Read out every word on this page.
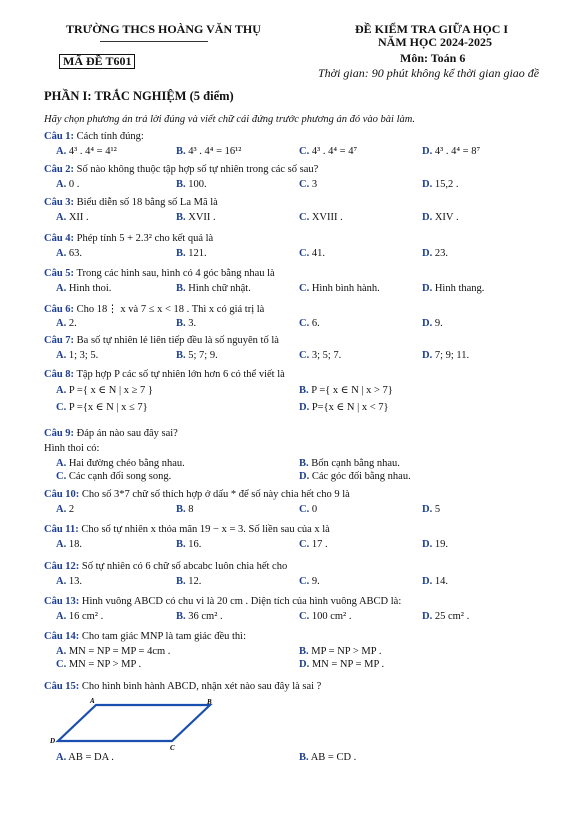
TRƯỜNG THCS HOÀNG VĂN THỤ	ĐỀ KIỂM TRA GIỮA HỌC I
NĂM HỌC 2024-2025
MÃ ĐỀ T601	Môn: Toán 6
Thời gian: 90 phút không kể thời gian giao đề
PHẦN I: TRẮC NGHIỆM (5 điểm)
Hãy chọn phương án trả lời đúng và viết chữ cái đứng trước phương án đó vào bài làm.
Câu 1: Cách tính đúng:
A. 4³ . 4⁴ = 4¹²	B. 4³ . 4⁴ = 16¹²	C. 4³ . 4⁴ = 4⁷	D. 4³ . 4⁴ = 8⁷
Câu 2: Số nào không thuộc tập hợp số tự nhiên trong các số sau?
A. 0 .	B. 100.	C. 3	D. 15,2 .
Câu 3: Biểu diễn số 18 bằng số La Mã là
A. XII .	B. XVII .	C. XVIII .	D. XIV .
Câu 4: Phép tính 5 + 2.3² cho kết quả là
A. 63.	B. 121.	C. 41.	D. 23.
Câu 5: Trong các hình sau, hình có 4 góc bằng nhau là
A. Hình thoi.	B. Hình chữ nhật.	C. Hình bình hành.	D. Hình thang.
Câu 6: Cho 18⋮ x và 7 ≤ x < 18 . Thì x có giá trị là
A. 2.	B. 3.	C. 6.	D. 9.
Câu 7: Ba số tự nhiên lẻ liên tiếp đều là số nguyên tố là
A. 1; 3; 5.	B. 5; 7; 9.	C. 3; 5; 7.	D. 7; 9; 11.
Câu 8: Tập hợp P các số tự nhiên lớn hơn 6 có thể viết là
A. P ={ x ∈ N | x ≥ 7 }	B. P ={ x ∈ N | x > 7}
C. P ={x ∈ N | x ≤ 7}	D. P={x ∈ N | x < 7}
Câu 9: Đáp án nào sau đây sai?
Hình thoi có:
A. Hai đường chéo bằng nhau.	B. Bốn cạnh bằng nhau.
C. Các cạnh đối song song.	D. Các góc đối bằng nhau.
Câu 10: Cho số 3*7 chữ số thích hợp ở dấu * để số này chia hết cho 9 là
A. 2	B. 8	C. 0	D. 5
Câu 11: Cho số tự nhiên x thỏa mãn 19 − x = 3. Số liền sau của x là
A. 18.	B. 16.	C. 17 .	D. 19.
Câu 12: Số tự nhiên có 6 chữ số abcabc luôn chia hết cho
A. 13.	B. 12.	C. 9.	D. 14.
Câu 13: Hình vuông ABCD có chu vi là 20 cm . Diện tích của hình vuông ABCD là:
A. 16 cm² .	B. 36 cm² .	C. 100 cm² .	D. 25 cm² .
Câu 14: Cho tam giác MNP là tam giác đều thì:
A. MN = NP = MP = 4cm .	B. MP = NP > MP .
C. MN = NP > MP .	D. MN = NP = MP .
Câu 15: Cho hình bình hành ABCD, nhận xét nào sau đây là sai ?
A. AB = DA .	B. AB = CD .
A	B
C
D
